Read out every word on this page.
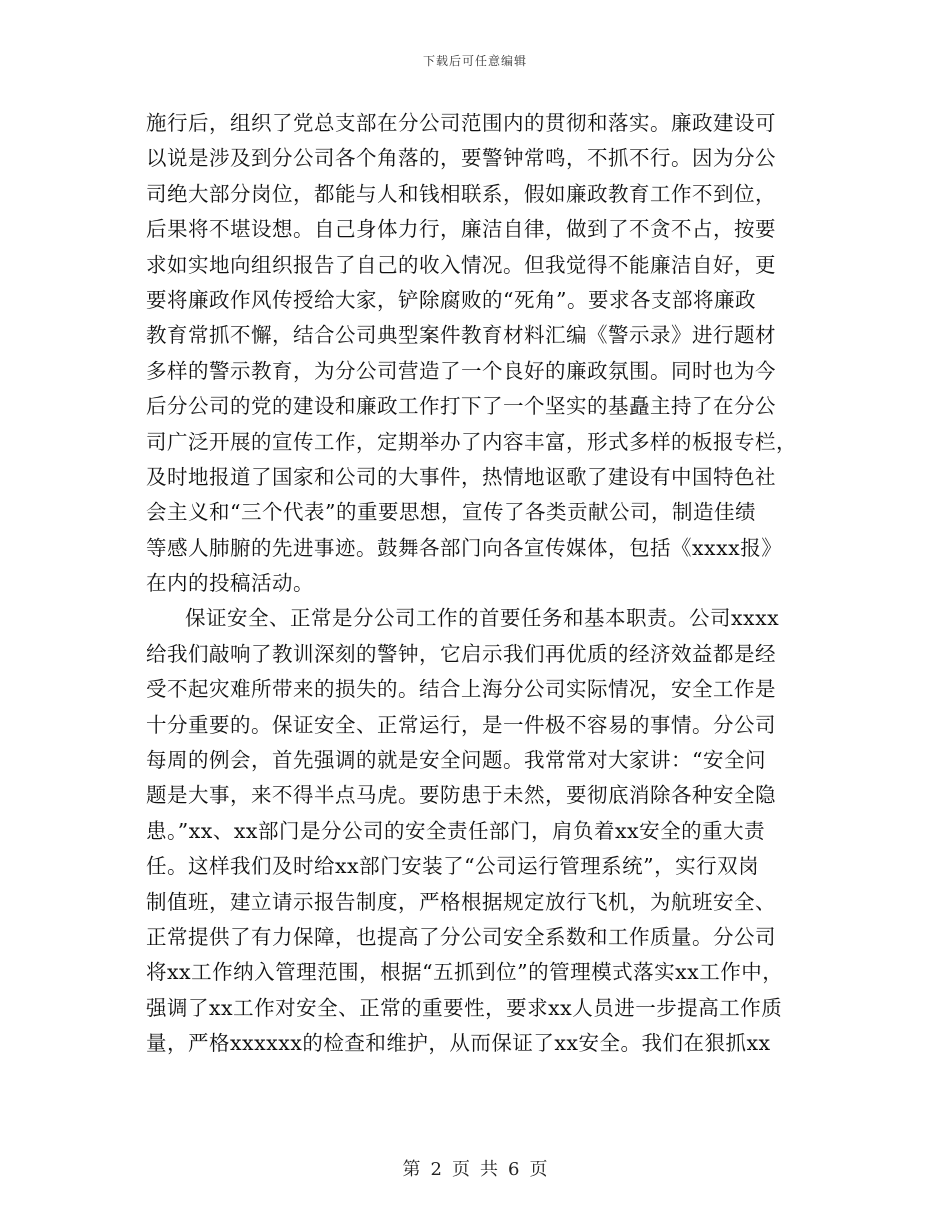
下载后可任意编辑
施行后，组织了党总支部在分公司范围内的贯彻和落实。廉政建设可
以说是涉及到分公司各个角落的，要警钟常鸣，不抓不行。因为分公
司绝大部分岗位，都能与人和钱相联系，假如廉政教育工作不到位，
后果将不堪设想。自己身体力行，廉洁自律，做到了不贪不占，按要
求如实地向组织报告了自己的收入情况。但我觉得不能廉洁自好，更
要将廉政作风传授给大家，铲除腐败的“死角”。要求各支部将廉政
教育常抓不懈，结合公司典型案件教育材料汇编《警示录》进行题材
多样的警示教育，为分公司营造了一个良好的廉政氛围。同时也为今
后分公司的党的建设和廉政工作打下了一个坚实的基矗主持了在分公
司广泛开展的宣传工作，定期举办了内容丰富，形式多样的板报专栏，
及时地报道了国家和公司的大事件，热情地讴歌了建设有中国特色社
会主义和“三个代表”的重要思想，宣传了各类贡献公司，制造佳绩
等感人肺腑的先进事迹。鼓舞各部门向各宣传媒体，包括《xxxx报》
在内的投稿活动。
保证安全、正常是分公司工作的首要任务和基本职责。公司xxxx
给我们敲响了教训深刻的警钟，它启示我们再优质的经济效益都是经
受不起灾难所带来的损失的。结合上海分公司实际情况，安全工作是
十分重要的。保证安全、正常运行，是一件极不容易的事情。分公司
每周的例会，首先强调的就是安全问题。我常常对大家讲：“安全问
题是大事，来不得半点马虎。要防患于未然，要彻底消除各种安全隐
患。”xx、xx部门是分公司的安全责任部门，肩负着xx安全的重大责
任。这样我们及时给xx部门安装了“公司运行管理系统”，实行双岗
制值班，建立请示报告制度，严格根据规定放行飞机，为航班安全、
正常提供了有力保障，也提高了分公司安全系数和工作质量。分公司
将xx工作纳入管理范围，根据“五抓到位”的管理模式落实xx工作中，
强调了xx工作对安全、正常的重要性，要求xx人员进一步提高工作质
量，严格xxxxxx的检查和维护，从而保证了xx安全。我们在狠抓xx
第 2 页 共 6 页
